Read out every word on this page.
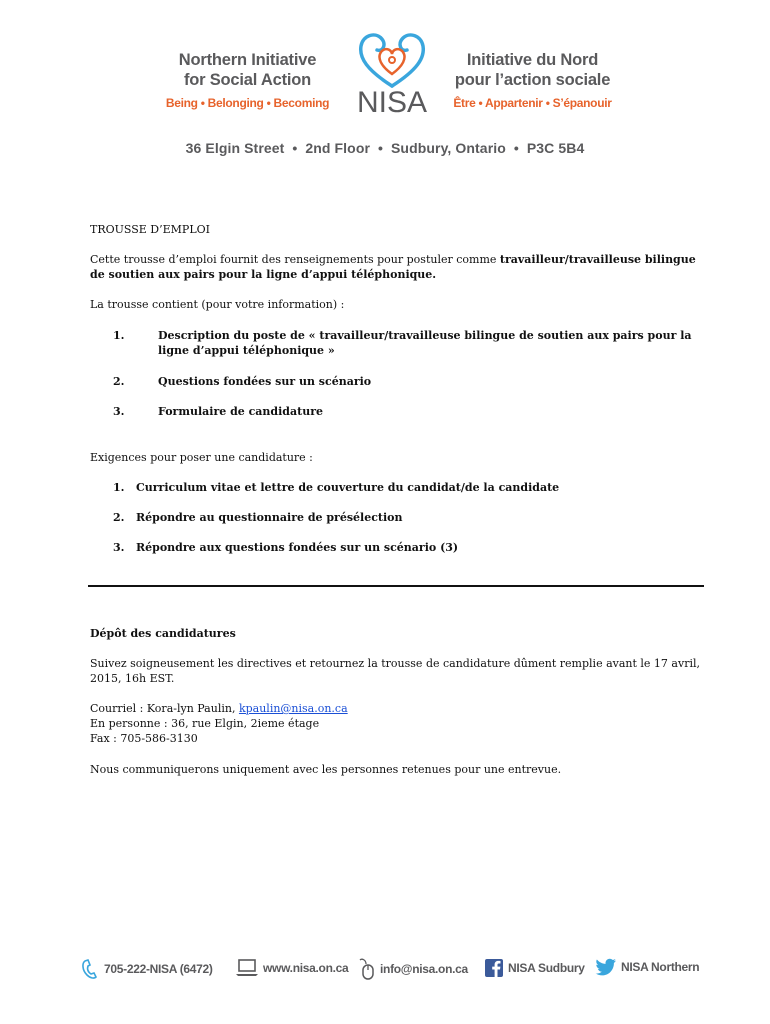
Northern Initiative
for Social Action
Being • Belonging • Becoming NISA
Initiative du Nord
pour l’action sociale
Être • Appartenir • S’épanouir
36 Elgin Street  •  2nd Floor  •  Sudbury, Ontario  •  P3C 5B4
TROUSSE D’EMPLOI
Cette trousse d’emploi fournit des renseignements pour postuler comme travailleur/travailleuse bilingue de soutien aux pairs pour la ligne d’appui téléphonique.
La trousse contient (pour votre information) :
1.	Description du poste de « travailleur/travailleuse bilingue de soutien aux pairs pour la ligne d’appui téléphonique »
2.	Questions fondées sur un scénario
3.	Formulaire de candidature
Exigences pour poser une candidature :
1. Curriculum vitae et lettre de couverture du candidat/de la candidate
2. Répondre au questionnaire de présélection
3. Répondre aux questions fondées sur un scénario (3)
Dépôt des candidatures
Suivez soigneusement les directives et retournez la trousse de candidature dûment remplie avant le 17 avril, 2015, 16h EST.
Courriel : Kora-lyn Paulin, kpaulin@nisa.on.ca
En personne : 36, rue Elgin, 2ieme étage
Fax : 705-586-3130
Nous communiquerons uniquement avec les personnes retenues pour une entrevue.
705-222-NISA (6472)	www.nisa.on.ca	info@nisa.on.ca	NISA Sudbury	NISA Northern
